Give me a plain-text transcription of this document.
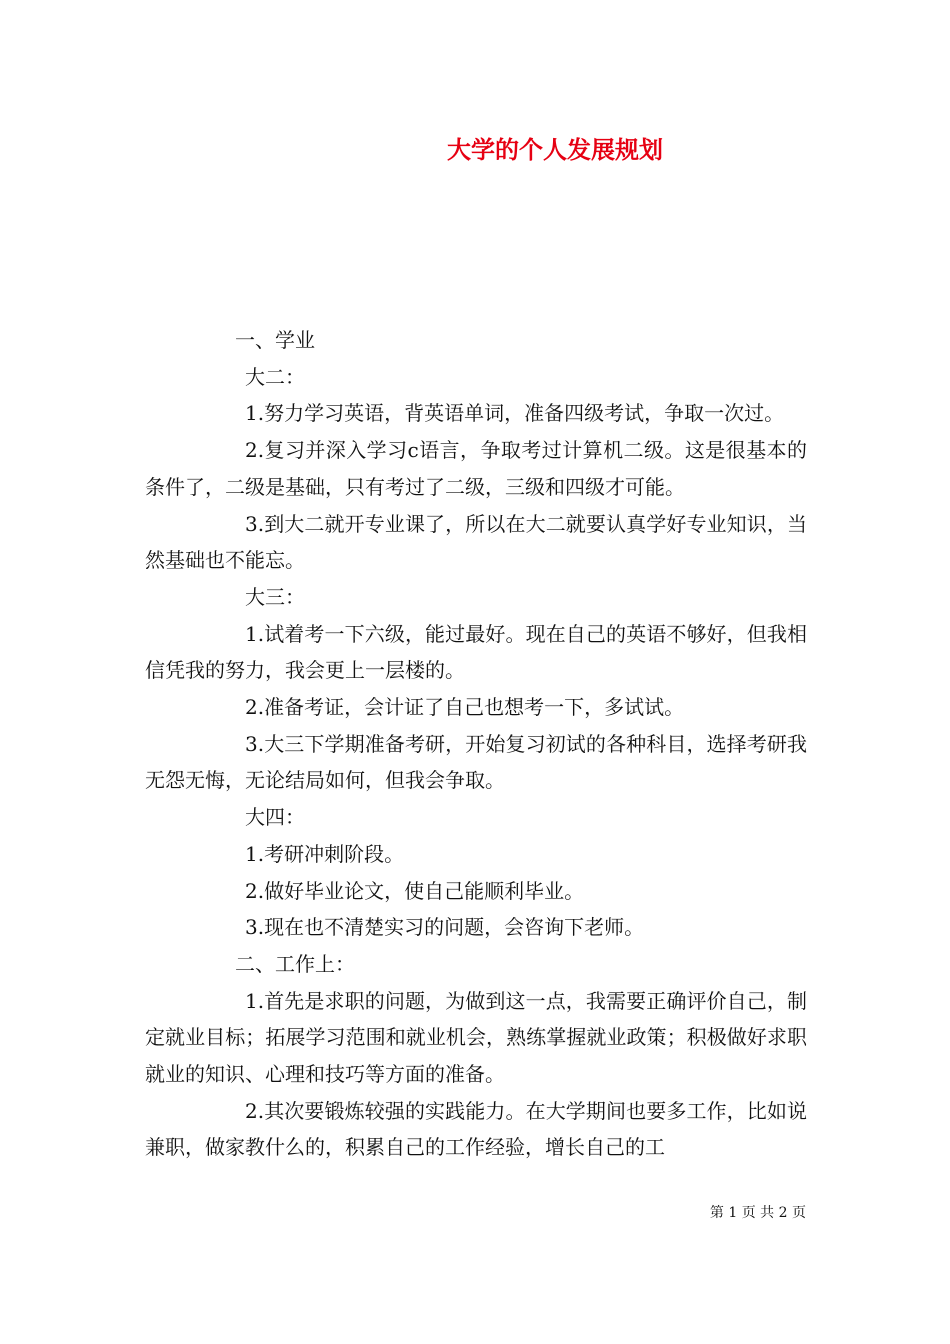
大学的个人发展规划

一、学业

大二：

1.努力学习英语，背英语单词，准备四级考试，争取一次过。

2.复习并深入学习c语言，争取考过计算机二级。这是很基本的条件了，二级是基础，只有考过了二级，三级和四级才可能。

3.到大二就开专业课了，所以在大二就要认真学好专业知识，当然基础也不能忘。

大三：

1.试着考一下六级，能过最好。现在自己的英语不够好，但我相信凭我的努力，我会更上一层楼的。

2.准备考证，会计证了自己也想考一下，多试试。

3.大三下学期准备考研，开始复习初试的各种科目，选择考研我无怨无悔，无论结局如何，但我会争取。

大四：

1.考研冲刺阶段。

2.做好毕业论文，使自己能顺利毕业。

3.现在也不清楚实习的问题，会咨询下老师。

二、工作上：

1.首先是求职的问题，为做到这一点，我需要正确评价自己，制定就业目标；拓展学习范围和就业机会，熟练掌握就业政策；积极做好求职就业的知识、心理和技巧等方面的准备。

2.其次要锻炼较强的实践能力。在大学期间也要多工作，比如说兼职，做家教什么的，积累自己的工作经验，增长自己的工

第 1 页 共 2 页
